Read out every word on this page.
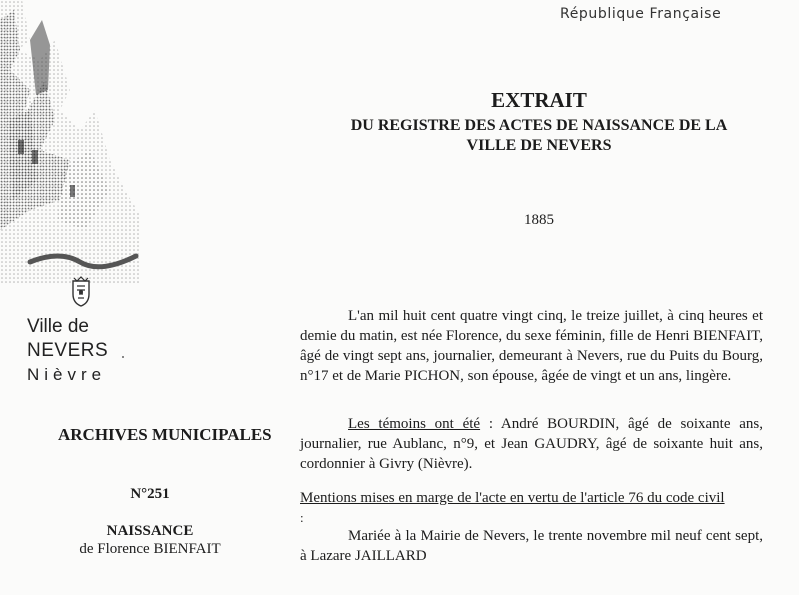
République Française
Ville de
NEVERS
Nièvre
EXTRAIT
DU REGISTRE DES ACTES DE NAISSANCE DE LA
VILLE DE NEVERS
1885
ARCHIVES MUNICIPALES
N°251
NAISSANCE
de Florence BIENFAIT
L'an mil huit cent quatre vingt cinq, le treize juillet, à cinq heures et demie du matin, est née Florence, du sexe féminin, fille de Henri BIENFAIT, âgé de vingt sept ans, journalier, demeurant à Nevers, rue du Puits du Bourg, n°17 et de Marie PICHON, son épouse, âgée de vingt et un ans, lingère.
Les témoins ont été : André BOURDIN, âgé de soixante ans, journalier, rue Aublanc, n°9, et Jean GAUDRY, âgé de soixante huit ans, cordonnier à Givry (Nièvre).
Mentions mises en marge de l'acte en vertu de l'article 76 du code civil
:
Mariée à la Mairie de Nevers, le trente novembre mil neuf cent sept, à Lazare JAILLARD
